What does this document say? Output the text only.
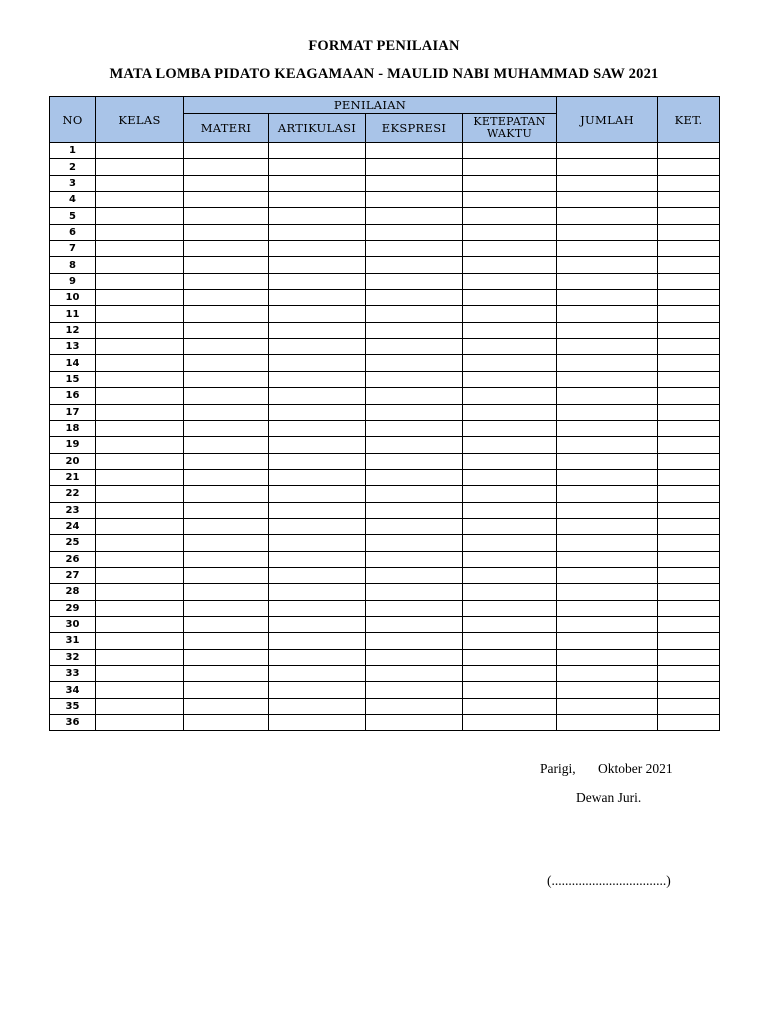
FORMAT PENILAIAN
MATA LOMBA PIDATO KEAGAMAAN - MAULID NABI MUHAMMAD SAW 2021
NO	KELAS	PENILAIAN				JUMLAH	KET.
		MATERI	ARTIKULASI	EKSPRESI	KETEPATAN WAKTU		
1							
2							
3							
4							
5							
6							
7							
8							
9							
10							
11							
12							
13							
14							
15							
16							
17							
18							
19							
20							
21							
22							
23							
24							
25							
26							
27							
28							
29							
30							
31							
32							
33							
34							
35							
36							
Parigi, Oktober 2021
Dewan Juri.
(..................................)
